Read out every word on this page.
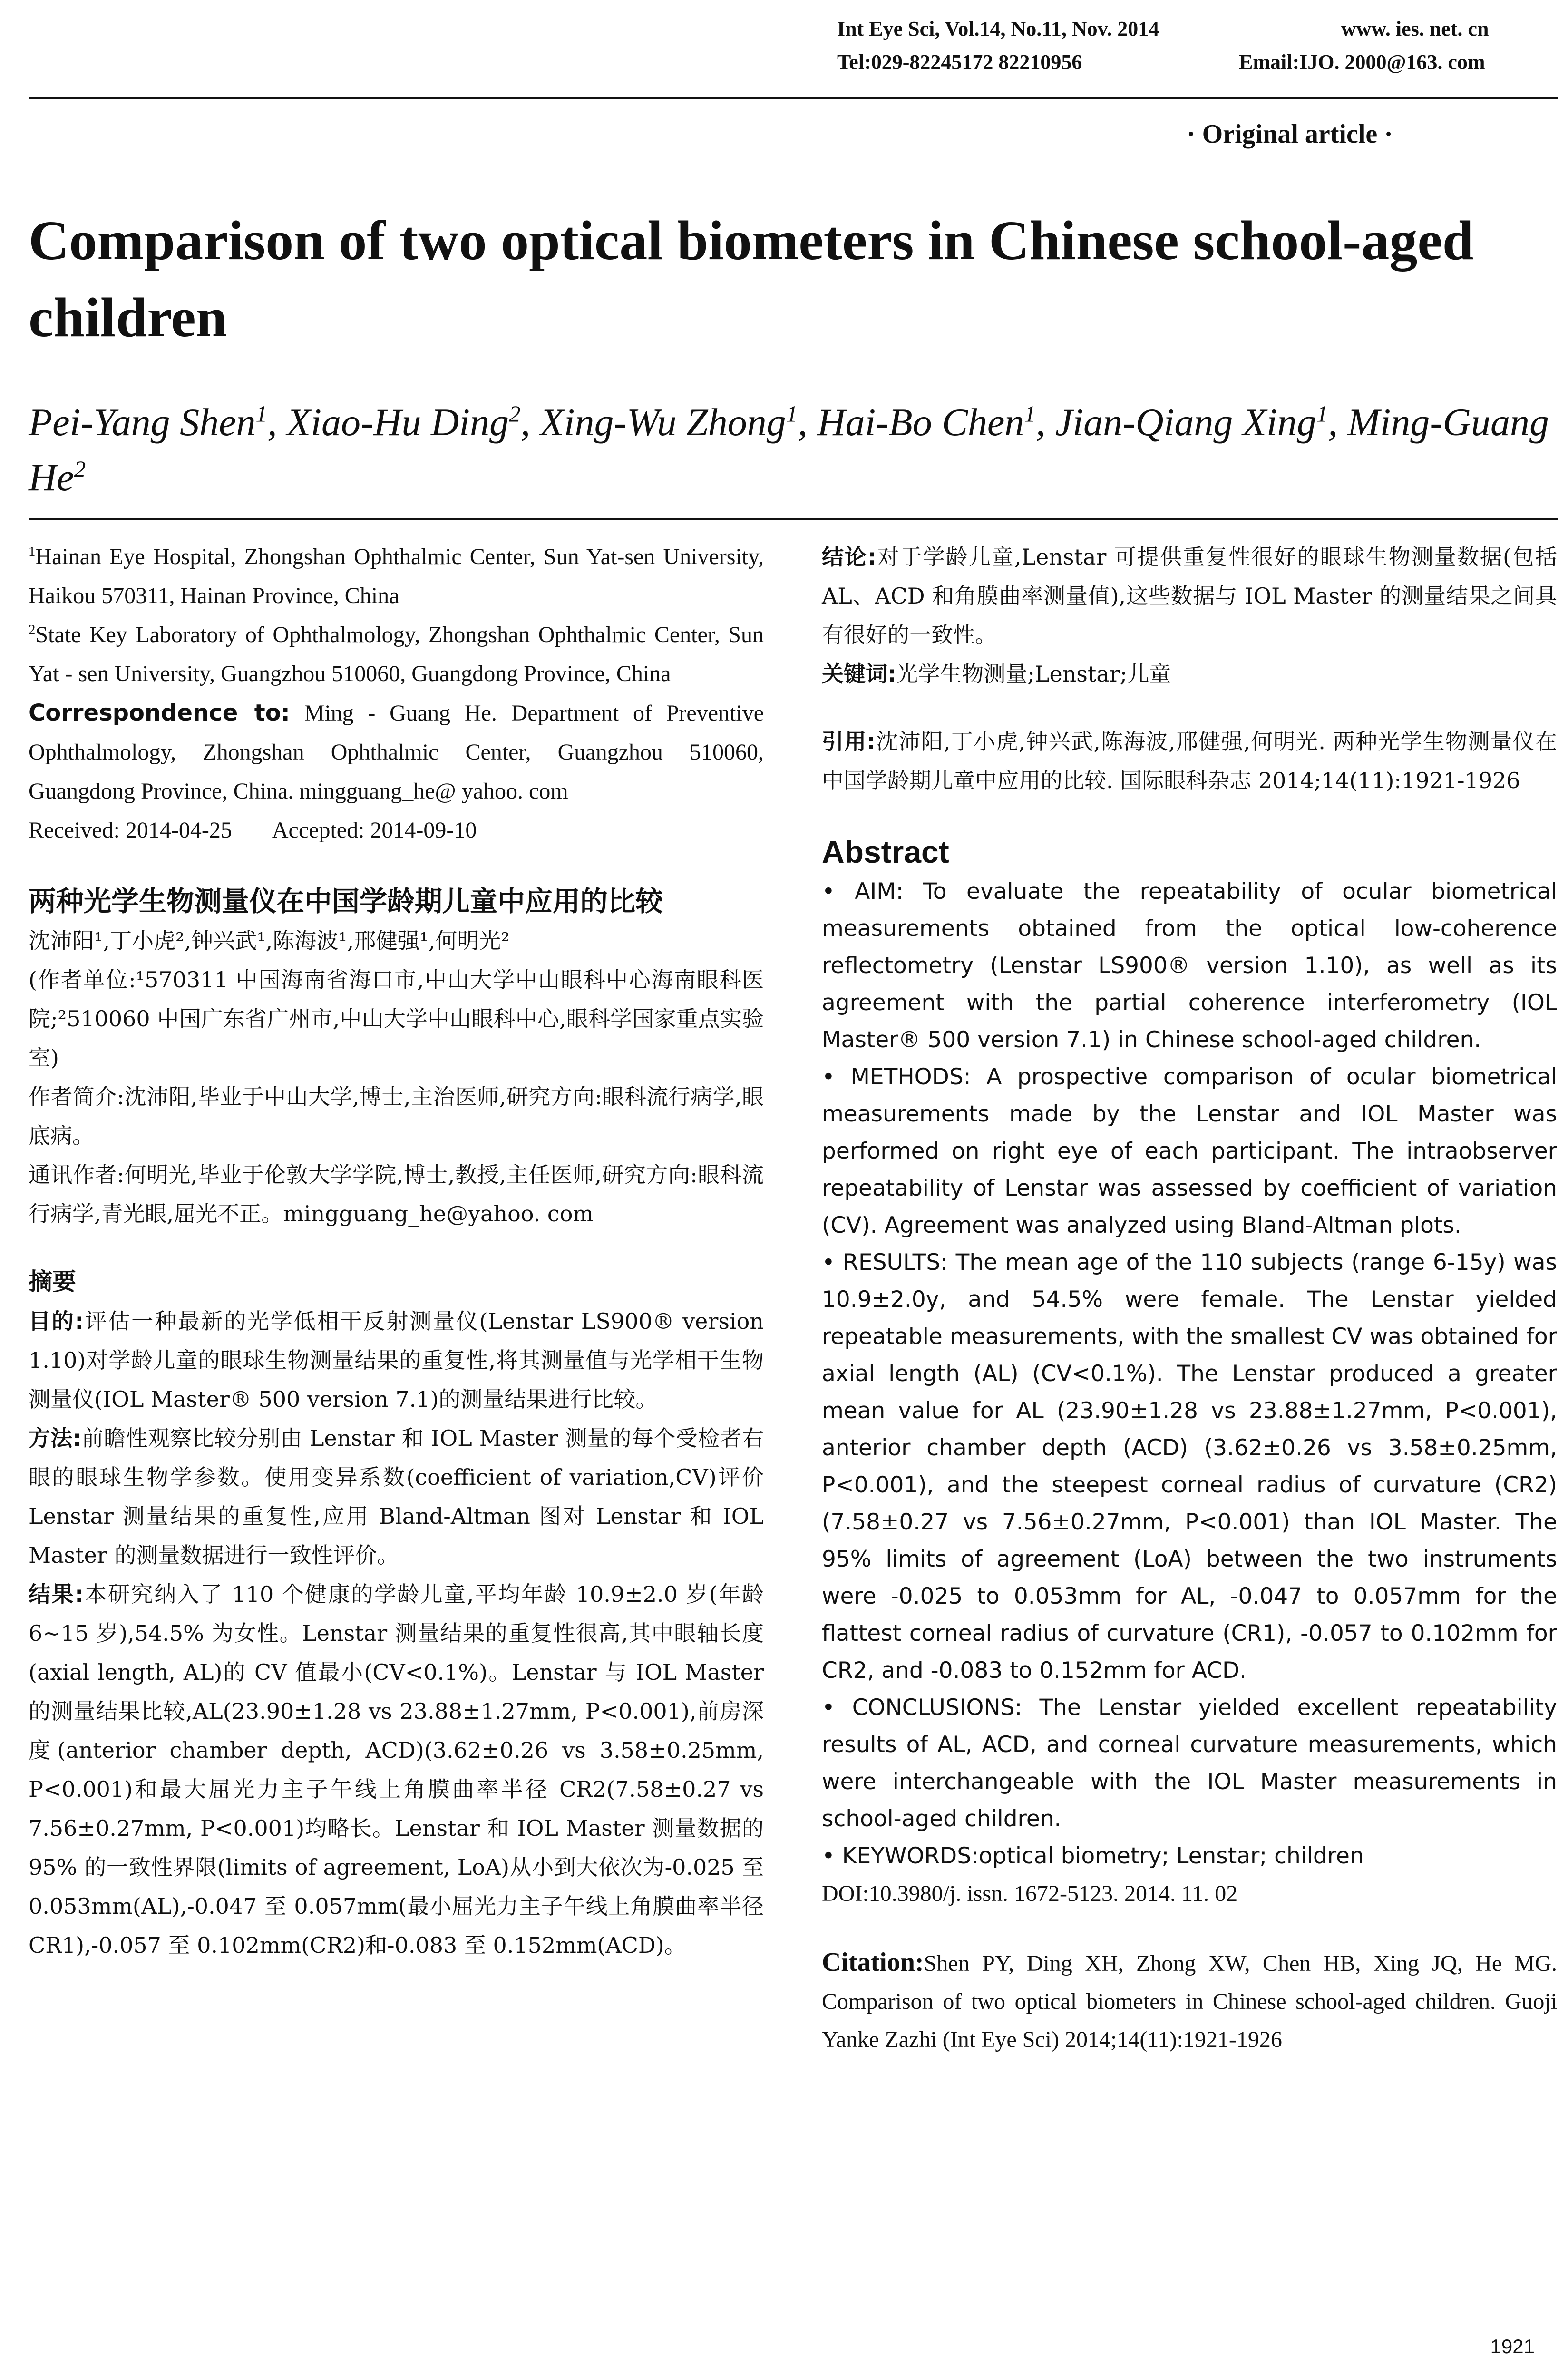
Int Eye Sci, Vol.14, No.11, Nov. 2014	www. ies. net. cn
Tel:029-82245172 82210956	Email:IJO. 2000@163. com
· Original article ·
Comparison of two optical biometers in Chinese school-aged children
Pei-Yang Shen$^1$, Xiao-Hu Ding$^2$, Xing-Wu Zhong$^1$, Hai-Bo Chen$^1$, Jian-Qiang Xing$^1$, Ming-Guang He$^2$

$^1$Hainan Eye Hospital, Zhongshan Ophthalmic Center, Sun Yat-sen University, Haikou 570311, Hainan Province, China

$^2$State Key Laboratory of Ophthalmology, Zhongshan Ophthalmic Center, Sun Yat - sen University, Guangzhou 510060, Guangdong Province, China

Correspondence to: Ming - Guang He. Department of Preventive Ophthalmology, Zhongshan Ophthalmic Center, Guangzhou 510060, Guangdong Province, China. mingguang_he@ yahoo. com

Received: 2014-04-25 Accepted: 2014-09-10

两种光学生物测量仪在中国学龄期儿童中应用的比较

沈沛阳¹,丁小虎²,钟兴武¹,陈海波¹,邢健强¹,何明光²

(作者单位:¹570311 中国海南省海口市,中山大学中山眼科中心海南眼科医院;²510060 中国广东省广州市,中山大学中山眼科中心,眼科学国家重点实验室)

作者简介:沈沛阳,毕业于中山大学,博士,主治医师,研究方向:眼科流行病学,眼底病。

通讯作者:何明光,毕业于伦敦大学学院,博士,教授,主任医师,研究方向:眼科流行病学,青光眼,屈光不正。mingguang_he@yahoo. com

摘要

目的:评估一种最新的光学低相干反射测量仪(Lenstar LS900® version 1.10)对学龄儿童的眼球生物测量结果的重复性,将其测量值与光学相干生物测量仪(IOL Master® 500 version 7.1)的测量结果进行比较。

方法:前瞻性观察比较分别由 Lenstar 和 IOL Master 测量的每个受检者右眼的眼球生物学参数。使用变异系数(coefficient of variation,CV)评价 Lenstar 测量结果的重复性,应用 Bland-Altman 图对 Lenstar 和 IOL Master 的测量数据进行一致性评价。

结果:本研究纳入了 110 个健康的学龄儿童,平均年龄 10.9±2.0 岁(年龄 6~15 岁),54.5% 为女性。Lenstar 测量结果的重复性很高,其中眼轴长度(axial length, AL)的 CV 值最小(CV<0.1%)。Lenstar 与 IOL Master 的测量结果比较,AL(23.90±1.28 vs 23.88±1.27mm, P<0.001),前房深度(anterior chamber depth, ACD)(3.62±0.26 vs 3.58±0.25mm, P<0.001)和最大屈光力主子午线上角膜曲率半径 CR2(7.58±0.27 vs 7.56±0.27mm, P<0.001)均略长。Lenstar 和 IOL Master 测量数据的 95% 的一致性界限(limits of agreement, LoA)从小到大依次为-0.025 至 0.053mm(AL),-0.047 至 0.057mm(最小屈光力主子午线上角膜曲率半径 CR1),-0.057 至 0.102mm(CR2)和-0.083 至 0.152mm(ACD)。

结论:对于学龄儿童,Lenstar 可提供重复性很好的眼球生物测量数据(包括 AL、ACD 和角膜曲率测量值),这些数据与 IOL Master 的测量结果之间具有很好的一致性。

关键词:光学生物测量;Lenstar;儿童

引用:沈沛阳,丁小虎,钟兴武,陈海波,邢健强,何明光. 两种光学生物测量仪在中国学龄期儿童中应用的比较. 国际眼科杂志 2014;14(11):1921-1926

Abstract

• AIM: To evaluate the repeatability of ocular biometrical measurements obtained from the optical low-coherence reflectometry (Lenstar LS900® version 1.10), as well as its agreement with the partial coherence interferometry (IOL Master® 500 version 7.1) in Chinese school-aged children.

• METHODS: A prospective comparison of ocular biometrical measurements made by the Lenstar and IOL Master was performed on right eye of each participant. The intraobserver repeatability of Lenstar was assessed by coefficient of variation (CV). Agreement was analyzed using Bland-Altman plots.

• RESULTS: The mean age of the 110 subjects (range 6-15y) was 10.9±2.0y, and 54.5% were female. The Lenstar yielded repeatable measurements, with the smallest CV was obtained for axial length (AL) (CV<0.1%). The Lenstar produced a greater mean value for AL (23.90±1.28 vs 23.88±1.27mm, P<0.001), anterior chamber depth (ACD) (3.62±0.26 vs 3.58±0.25mm, P<0.001), and the steepest corneal radius of curvature (CR2) (7.58±0.27 vs 7.56±0.27mm, P<0.001) than IOL Master. The 95% limits of agreement (LoA) between the two instruments were -0.025 to 0.053mm for AL, -0.047 to 0.057mm for the flattest corneal radius of curvature (CR1), -0.057 to 0.102mm for CR2, and -0.083 to 0.152mm for ACD.

• CONCLUSIONS: The Lenstar yielded excellent repeatability results of AL, ACD, and corneal curvature measurements, which were interchangeable with the IOL Master measurements in school-aged children.

• KEYWORDS:optical biometry; Lenstar; children

DOI:10.3980/j. issn. 1672-5123. 2014. 11. 02

Citation:Shen PY, Ding XH, Zhong XW, Chen HB, Xing JQ, He MG. Comparison of two optical biometers in Chinese school-aged children. Guoji Yanke Zazhi (Int Eye Sci) 2014;14(11):1921-1926

1921
